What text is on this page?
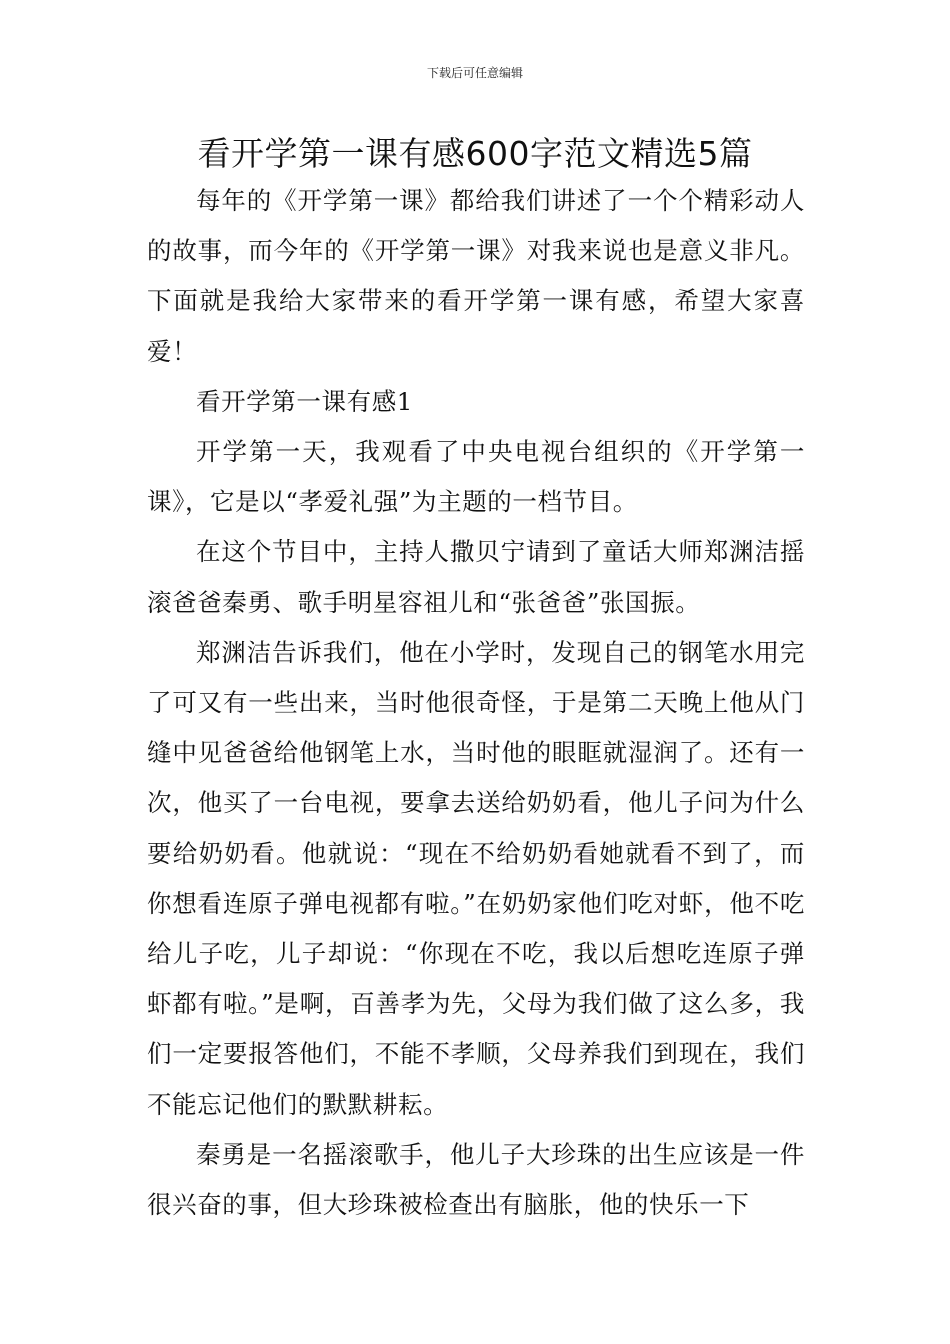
下载后可任意编辑
看开学第一课有感600字范文精选5篇

每年的《开学第一课》都给我们讲述了一个个精彩动人的故事，而今年的《开学第一课》对我来说也是意义非凡。下面就是我给大家带来的看开学第一课有感，希望大家喜爱！

看开学第一课有感1

开学第一天，我观看了中央电视台组织的《开学第一课》，它是以“孝爱礼强”为主题的一档节目。

在这个节目中，主持人撒贝宁请到了童话大师郑渊洁摇滚爸爸秦勇、歌手明星容祖儿和“张爸爸”张国振。

郑渊洁告诉我们，他在小学时，发现自己的钢笔水用完了可又有一些出来，当时他很奇怪，于是第二天晚上他从门缝中见爸爸给他钢笔上水，当时他的眼眶就湿润了。还有一次，他买了一台电视，要拿去送给奶奶看，他儿子问为什么要给奶奶看。他就说：“现在不给奶奶看她就看不到了，而你想看连原子弹电视都有啦。”在奶奶家他们吃对虾，他不吃给儿子吃，儿子却说：“你现在不吃，我以后想吃连原子弹虾都有啦。”是啊，百善孝为先，父母为我们做了这么多，我们一定要报答他们，不能不孝顺，父母养我们到现在，我们不能忘记他们的默默耕耘。

秦勇是一名摇滚歌手，他儿子大珍珠的出生应该是一件很兴奋的事，但大珍珠被检查出有脑胀，他的快乐一下
